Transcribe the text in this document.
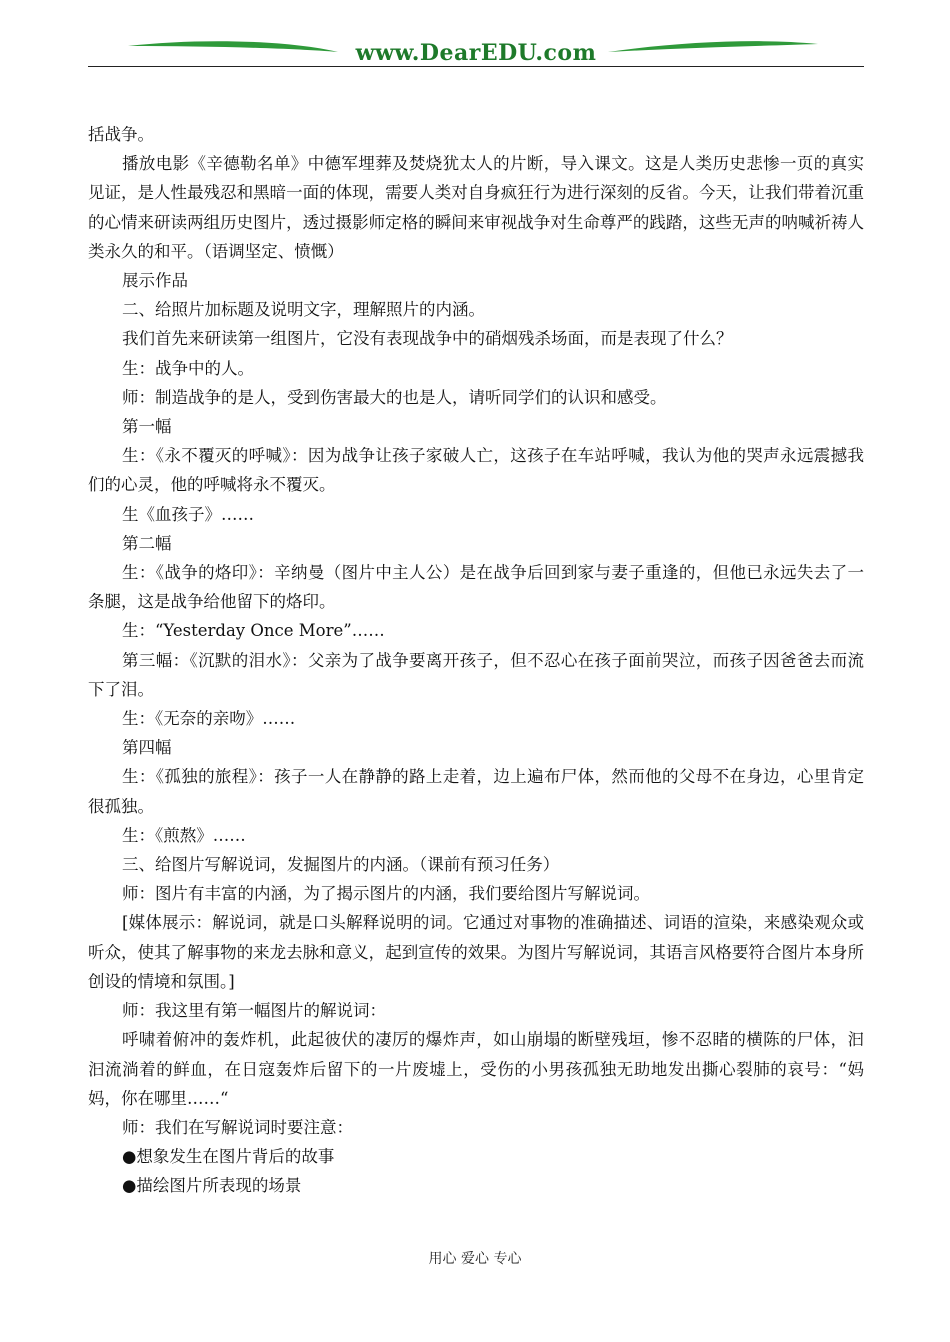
www.DearEDU.com

括战争。

播放电影《辛德勒名单》中德军埋葬及焚烧犹太人的片断，导入课文。这是人类历史悲惨一页的真实见证，是人性最残忍和黑暗一面的体现，需要人类对自身疯狂行为进行深刻的反省。今天，让我们带着沉重的心情来研读两组历史图片，透过摄影师定格的瞬间来审视战争对生命尊严的践踏，这些无声的呐喊祈祷人类永久的和平。（语调坚定、愤慨）

展示作品

二、给照片加标题及说明文字，理解照片的内涵。

我们首先来研读第一组图片，它没有表现战争中的硝烟残杀场面，而是表现了什么？

生：战争中的人。

师：制造战争的是人，受到伤害最大的也是人，请听同学们的认识和感受。

第一幅

生：《永不覆灭的呼喊》：因为战争让孩子家破人亡，这孩子在车站呼喊，我认为他的哭声永远震撼我们的心灵，他的呼喊将永不覆灭。

生《血孩子》……

第二幅

生：《战争的烙印》：辛纳曼（图片中主人公）是在战争后回到家与妻子重逢的，但他已永远失去了一条腿，这是战争给他留下的烙印。

生：“Yesterday Once More”……

第三幅：《沉默的泪水》：父亲为了战争要离开孩子，但不忍心在孩子面前哭泣，而孩子因爸爸去而流下了泪。

生：《无奈的亲吻》……

第四幅

生：《孤独的旅程》：孩子一人在静静的路上走着，边上遍布尸体，然而他的父母不在身边，心里肯定很孤独。

生：《煎熬》……

三、给图片写解说词，发掘图片的内涵。（课前有预习任务）

师：图片有丰富的内涵，为了揭示图片的内涵，我们要给图片写解说词。

[媒体展示：解说词，就是口头解释说明的词。它通过对事物的准确描述、词语的渲染，来感染观众或听众，使其了解事物的来龙去脉和意义，起到宣传的效果。为图片写解说词，其语言风格要符合图片本身所创设的情境和氛围。]

师：我这里有第一幅图片的解说词：

呼啸着俯冲的轰炸机，此起彼伏的凄厉的爆炸声，如山崩塌的断壁残垣，惨不忍睹的横陈的尸体，汩汩流淌着的鲜血，在日寇轰炸后留下的一片废墟上，受伤的小男孩孤独无助地发出撕心裂肺的哀号：“妈妈，你在哪里……“

师：我们在写解说词时要注意：

●想象发生在图片背后的故事

●描绘图片所表现的场景

用心 爱心 专心
